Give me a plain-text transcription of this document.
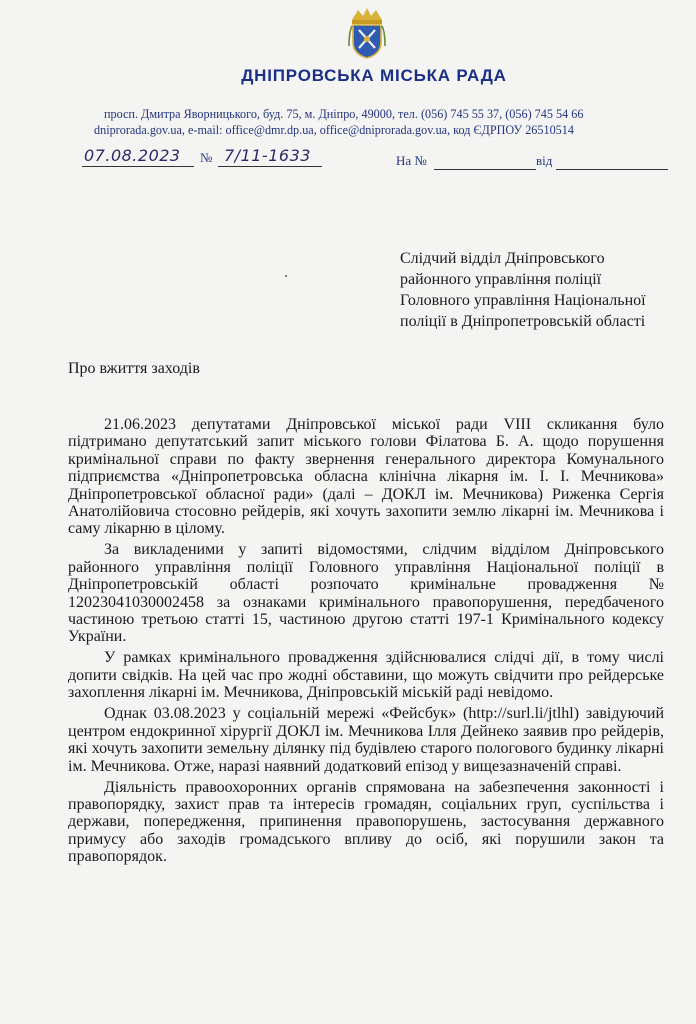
ДНІПРОВСЬКА МІСЬКА РАДА
просп. Дмитра Яворницького, буд. 75, м. Дніпро, 49000, тел. (056) 745 55 37, (056) 745 54 66
dniprorada.gov.ua, e-mail: office@dmr.dp.ua, office@dniprorada.gov.ua, код ЄДРПОУ 26510514
07.08.2023	№ 7/11-1633	На №	від
Слідчий відділ Дніпровського
районного управління поліції
Головного управління Національної
поліції в Дніпропетровській області
Про вжиття заходів

21.06.2023 депутатами Дніпровської міської ради VIII скликання було підтримано депутатський запит міського голови Філатова Б. А. щодо порушення кримінальної справи по факту звернення генерального директора Комунального підприємства «Дніпропетровська обласна клінічна лікарня ім. І. І. Мечникова» Дніпропетровської обласної ради» (далі – ДОКЛ ім. Мечникова) Риженка Сергія Анатолійовича стосовно рейдерів, які хочуть захопити землю лікарні ім. Мечникова і саму лікарню в цілому.

За викладеними у запиті відомостями, слідчим відділом Дніпровського районного управління поліції Головного управління Національної поліції в Дніпропетровській області розпочато кримінальне провадження № 12023041030002458 за ознаками кримінального правопорушення, передбаченого частиною третьою статті 15, частиною другою статті 197-1 Кримінального кодексу України.

У рамках кримінального провадження здійснювалися слідчі дії, в тому числі допити свідків. На цей час про жодні обставини, що можуть свідчити про рейдерське захоплення лікарні ім. Мечникова, Дніпровській міській раді невідомо.

Однак 03.08.2023 у соціальній мережі «Фейсбук» (http://surl.li/jtlhl) завідуючий центром ендокринної хірургії ДОКЛ ім. Мечникова Ілля Дейнеко заявив про рейдерів, які хочуть захопити земельну ділянку під будівлею старого пологового будинку лікарні ім. Мечникова. Отже, наразі наявний додатковий епізод у вищезазначеній справі.

Діяльність правоохоронних органів спрямована на забезпечення законності і правопорядку, захист прав та інтересів громадян, соціальних груп, суспільства і держави, попередження, припинення правопорушень, застосування державного примусу або заходів громадського впливу до осіб, які порушили закон та правопорядок.
